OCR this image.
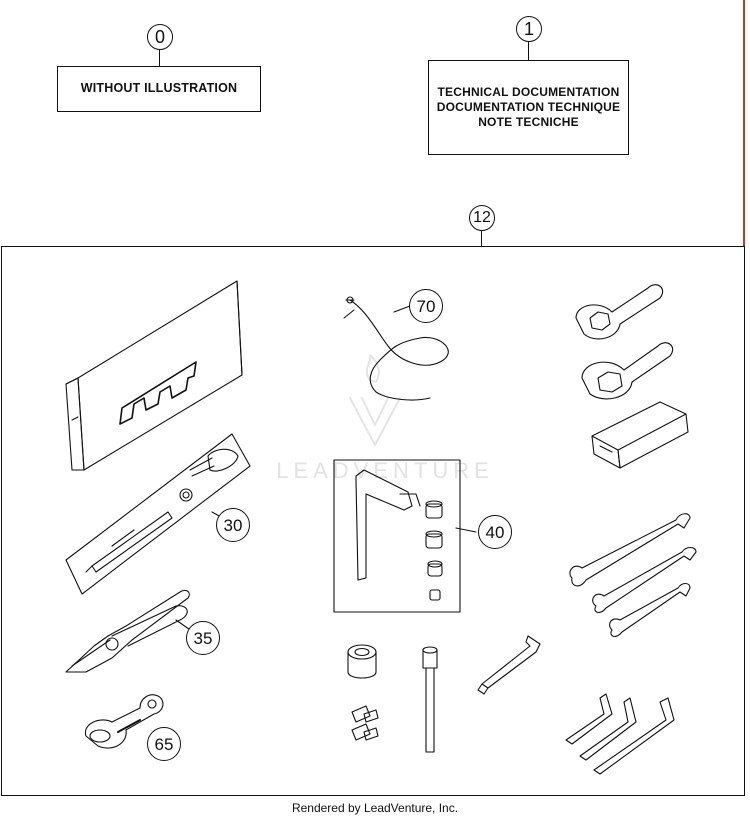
0
WITHOUT ILLUSTRATION
1
TECHNICAL DOCUMENTATION
DOCUMENTATION TECHNIQUE
NOTE TECNICHE
12
LEADVENTURE
70
30	40
35
65
Rendered by LeadVenture, Inc.
